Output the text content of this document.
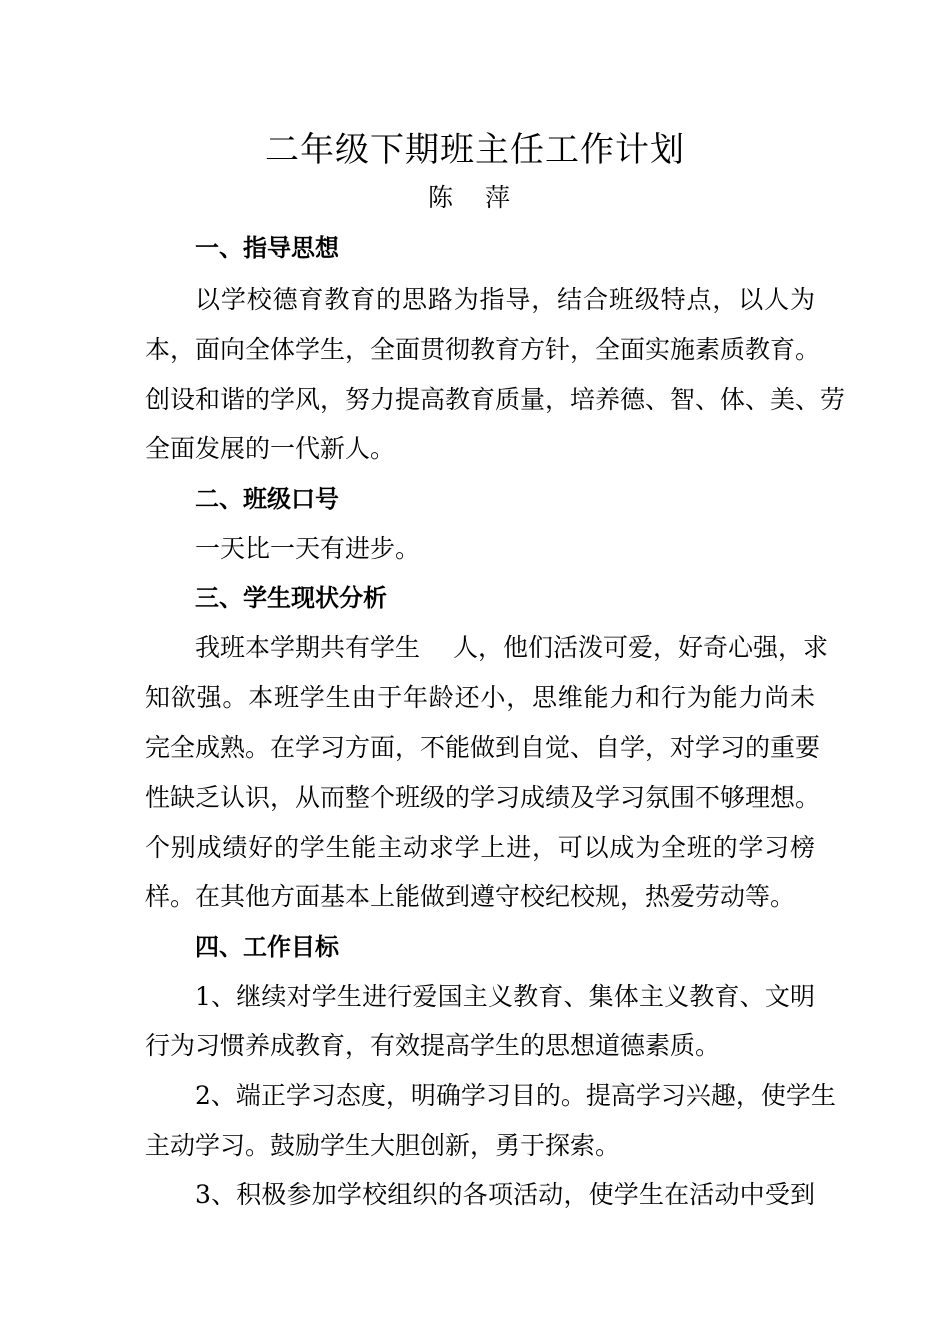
二年级下期班主任工作计划
陈 萍
一、指导思想
以学校德育教育的思路为指导，结合班级特点，以人为
本，面向全体学生，全面贯彻教育方针，全面实施素质教育。
创设和谐的学风，努力提高教育质量，培养德、智、体、美、劳
全面发展的一代新人。
二、班级口号
一天比一天有进步。
三、学生现状分析
我班本学期共有学生　 人，他们活泼可爱，好奇心强，求
知欲强。本班学生由于年龄还小，思维能力和行为能力尚未
完全成熟。在学习方面，不能做到自觉、自学，对学习的重要
性缺乏认识，从而整个班级的学习成绩及学习氛围不够理想。
个别成绩好的学生能主动求学上进，可以成为全班的学习榜
样。在其他方面基本上能做到遵守校纪校规，热爱劳动等。
四、工作目标
1、继续对学生进行爱国主义教育、集体主义教育、文明
行为习惯养成教育，有效提高学生的思想道德素质。
2、端正学习态度，明确学习目的。提高学习兴趣，使学生
主动学习。鼓励学生大胆创新，勇于探索。
3、积极参加学校组织的各项活动，使学生在活动中受到
